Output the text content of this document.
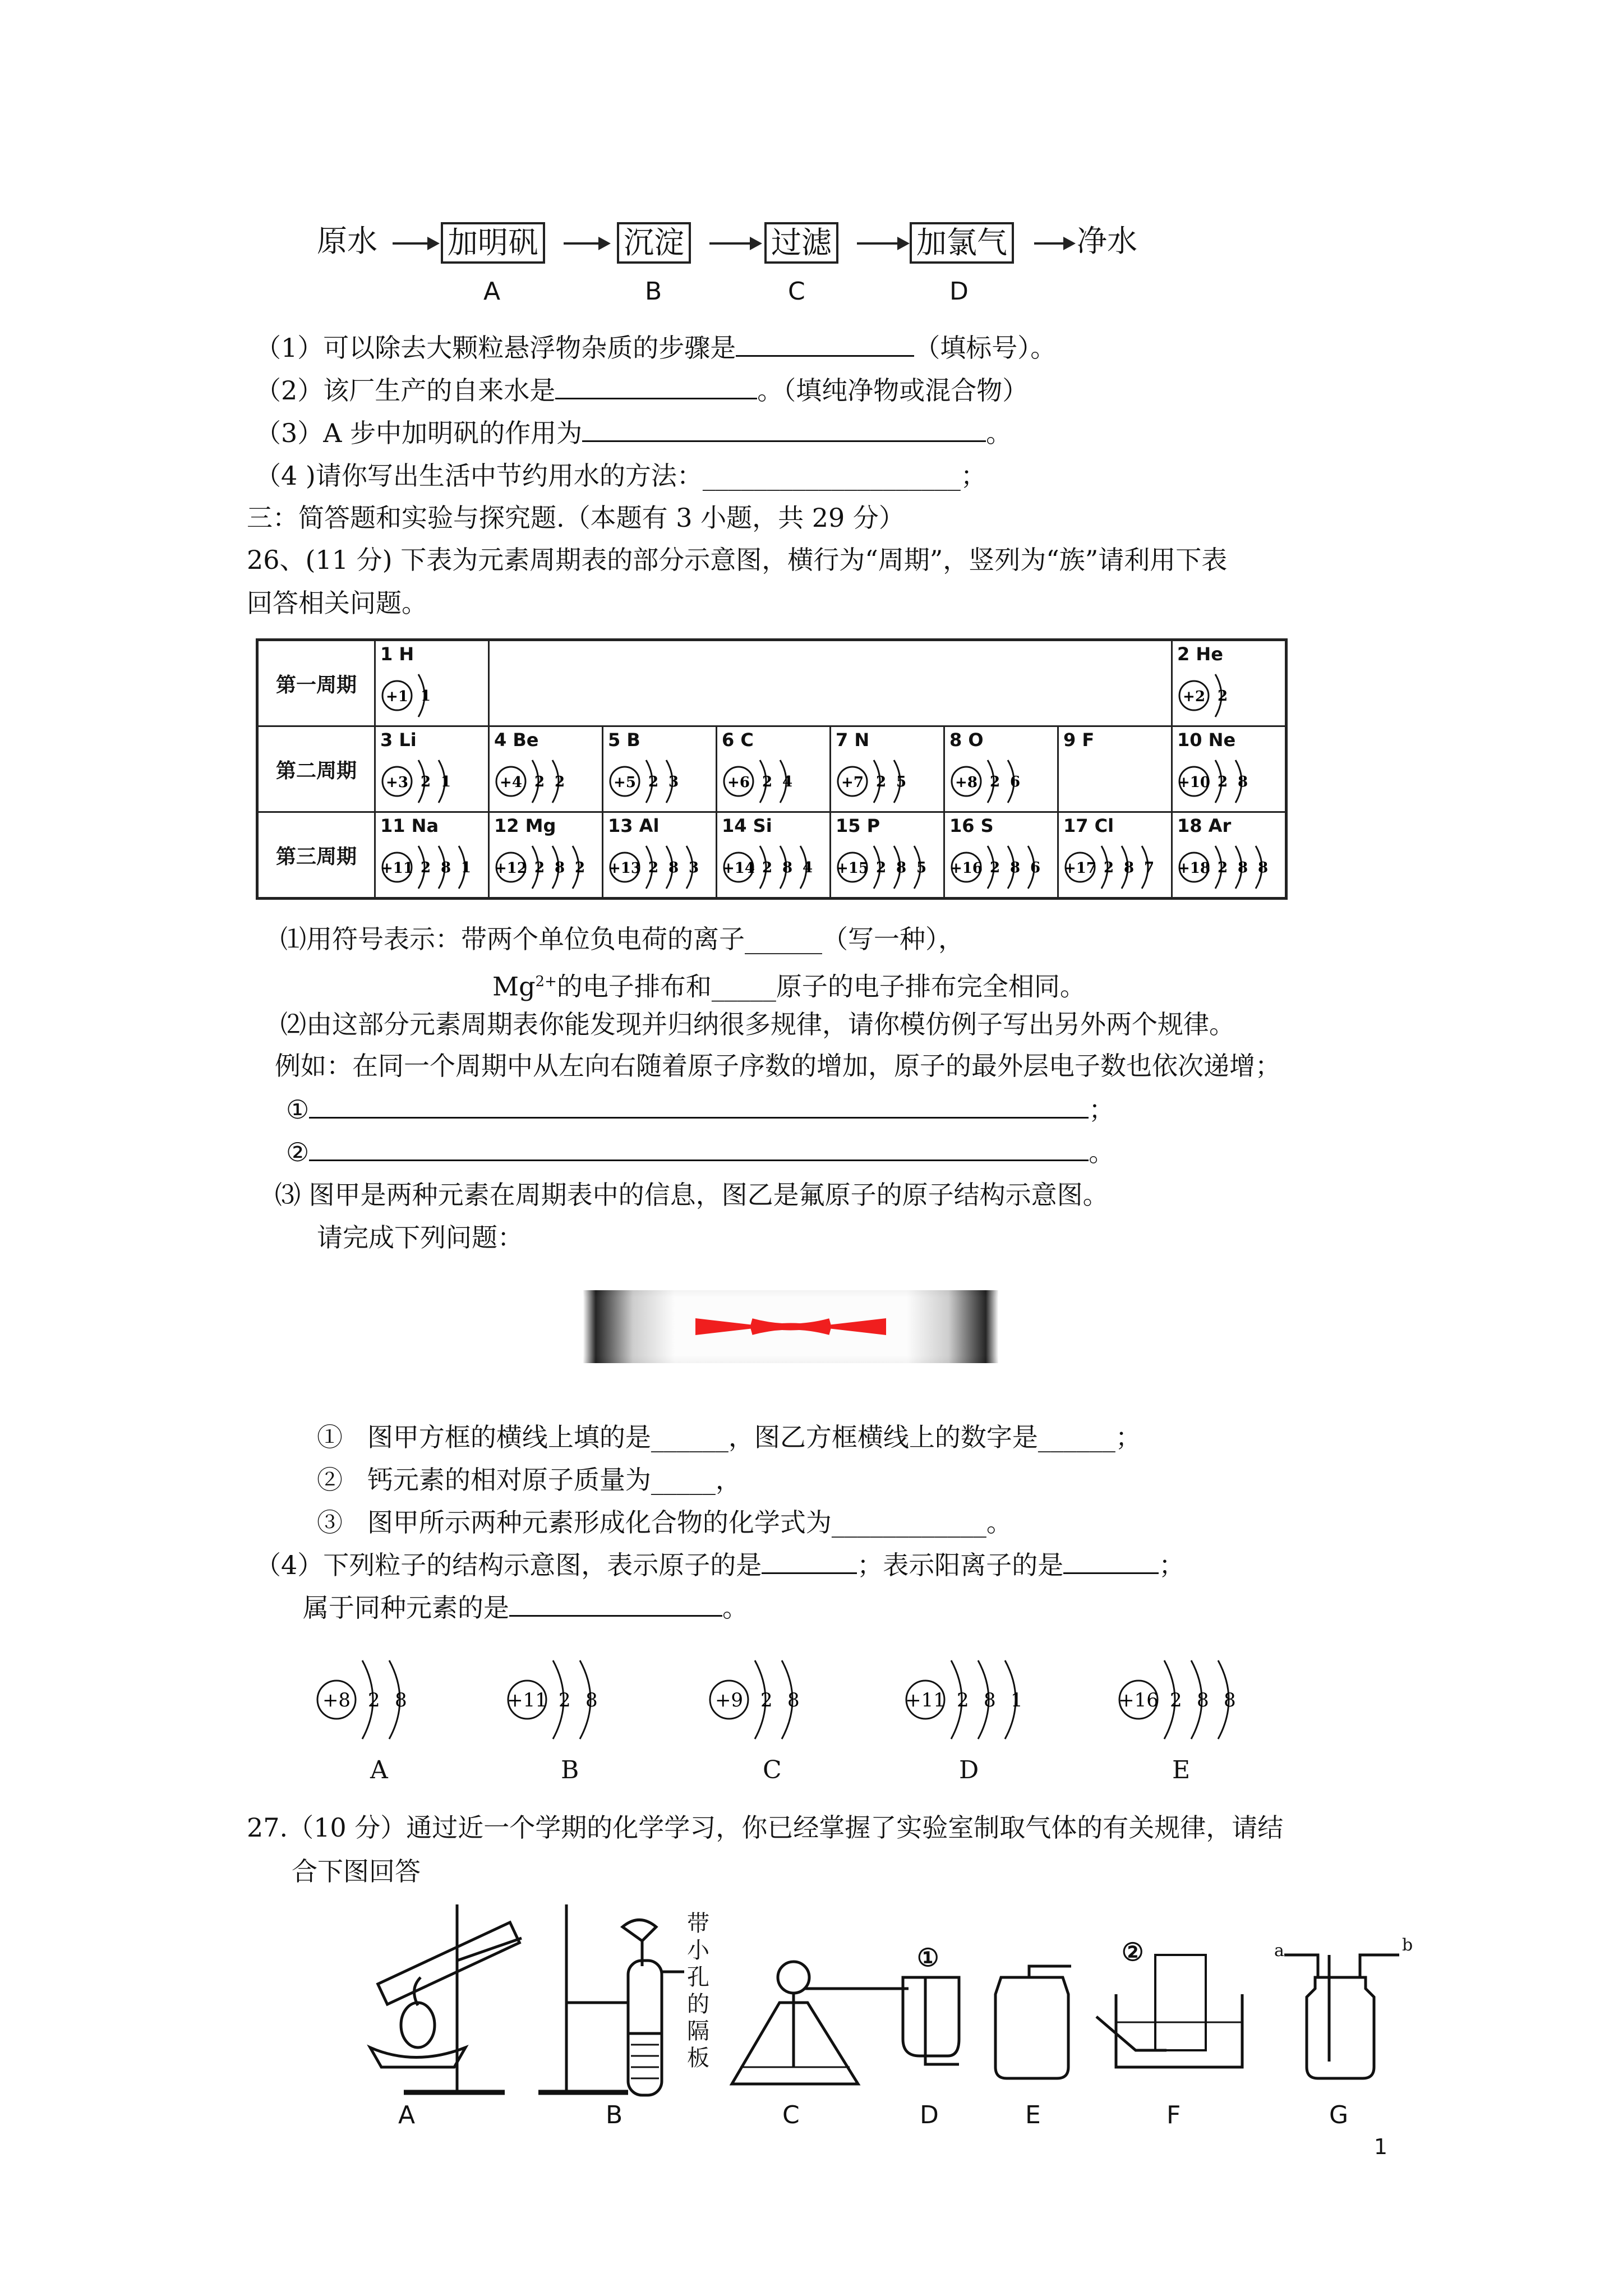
原水 加明矾	沉淀	过滤	加氯气 净水
A	B	C	D
（1）可以除去大颗粒悬浮物杂质的步骤是	（填标号）。
（2）该厂生产的自来水是	。（填纯净物或混合物）
（3）A 步中加明矾的作用为	。
（4 )请你写出生活中节约用水的方法：____________________；
三：简答题和实验与探究题.（本题有 3 小题，共 29 分）
26、(11 分) 下表为元素周期表的部分示意图，横行为“周期”，竖列为“族”请利用下表
回答相关问题。
第一周期	1 H
+1 1							2 He
+2 2

第二周期	3 Li
+3 2 1	4 Be
+4 2 2	5 B
+5 2 3	6 C
+6 2 4	7 N
+7 2 5	8 O
+8 2 6	9 F	10 Ne
+10 2 8

第三周期	11 Na
+11 2 8 1	12 Mg
+12 2 8 2	13 Al
+13 2 8 3	14 Si
+14 2 8 4	15 P
+15 2 8 5	16 S
+16 2 8 6	17 Cl
+17 2 8 7	18 Ar
+18 2 8 8
⑴用符号表示：带两个单位负电荷的离子______（写一种），
$Mg^{2+}$的电子排布和_____原子的电子排布完全相同。
⑵由这部分元素周期表你能发现并归纳很多规律，请你模仿例子写出另外两个规律。
例如：在同一个周期中从左向右随着原子序数的增加，原子的最外层电子数也依次递增；
①	；
②	。
⑶ 图甲是两种元素在周期表中的信息，图乙是氟原子的原子结构示意图。
请完成下列问题：
①   图甲方框的横线上填的是______，图乙方框横线上的数字是______；
②   钙元素的相对原子质量为_____，
③   图甲所示两种元素形成化合物的化学式为____________。
（4）下列粒子的结构示意图，表示原子的是	；表示阳离子的是	；
属于同种元素的是	。
+8 2 8
A
+11 2 8
B
+9 2 8
C
+11 2 8 1
D
+16 2 8 8
E
27.（10 分）通过近一个学期的化学学习，你已经掌握了实验室制取气体的有关规律，请结
合下图回答
带小孔的隔板
①	②	a	b
A	B	C	D	E	F	G
1
